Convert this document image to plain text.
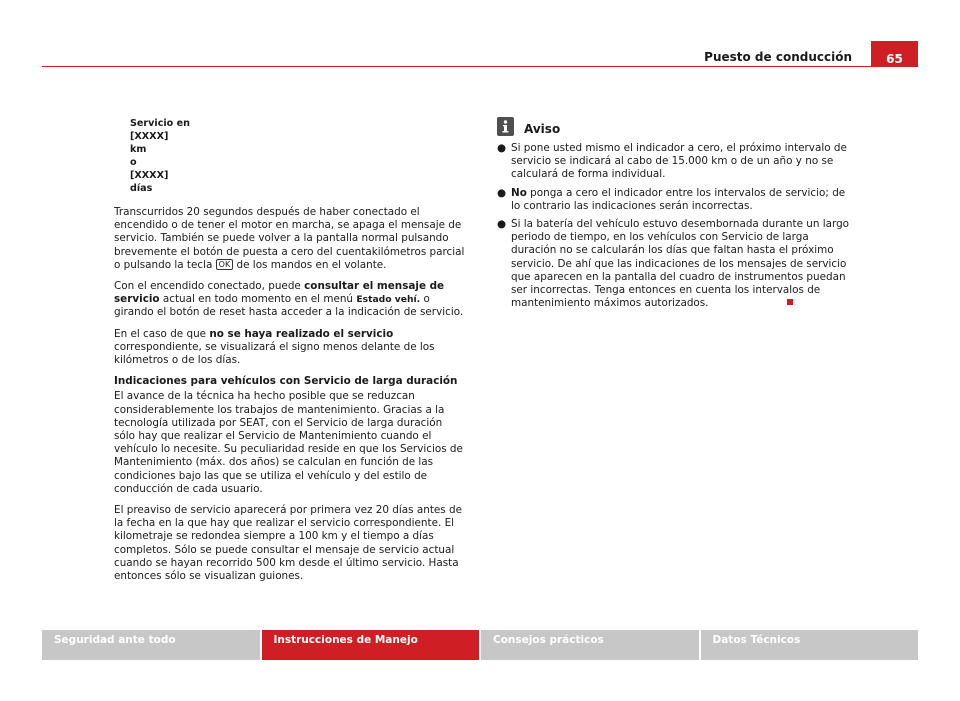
65
Puesto de conducción
Servicio en
[XXXX]
km
o
[XXXX]
días

Transcurridos 20 segundos después de haber conectado el encendido o de tener el motor en marcha, se apaga el mensaje de servicio. También se puede volver a la pantalla normal pulsando brevemente el botón de puesta a cero del cuentakilómetros parcial o pulsando la tecla OK de los mandos en el volante.

Con el encendido conectado, puede consultar el mensaje de servicio actual en todo momento en el menú Estado vehí. o girando el botón de reset hasta acceder a la indicación de servicio.

En el caso de que no se haya realizado el servicio correspondiente, se visualizará el signo menos delante de los kilómetros o de los días.

Indicaciones para vehículos con Servicio de larga duración

El avance de la técnica ha hecho posible que se reduzcan considerablemente los trabajos de mantenimiento. Gracias a la tecnología utilizada por SEAT, con el Servicio de larga duración sólo hay que realizar el Servicio de Mantenimiento cuando el vehículo lo necesite. Su peculiaridad reside en que los Servicios de Mantenimiento (máx. dos años) se calculan en función de las condiciones bajo las que se utiliza el vehículo y del estilo de conducción de cada usuario.

El preaviso de servicio aparecerá por primera vez 20 días antes de la fecha en la que hay que realizar el servicio correspondiente. El kilometraje se redondea siempre a 100 km y el tiempo a días completos. Sólo se puede consultar el mensaje de servicio actual cuando se hayan recorrido 500 km desde el último servicio. Hasta entonces sólo se visualizan guiones.

Aviso
● Si pone usted mismo el indicador a cero, el próximo intervalo de servicio se indicará al cabo de 15.000 km o de un año y no se calculará de forma individual.
● No ponga a cero el indicador entre los intervalos de servicio; de lo contrario las indicaciones serán incorrectas.
● Si la batería del vehículo estuvo desembornada durante un largo periodo de tiempo, en los vehículos con Servicio de larga duración no se calcularán los días que faltan hasta el próximo servicio. De ahí que las indicaciones de los mensajes de servicio que aparecen en la pantalla del cuadro de instrumentos puedan ser incorrectas. Tenga entonces en cuenta los intervalos de mantenimiento máximos autorizados.
Seguridad ante todo	Instrucciones de Manejo	Consejos prácticos	Datos Técnicos
